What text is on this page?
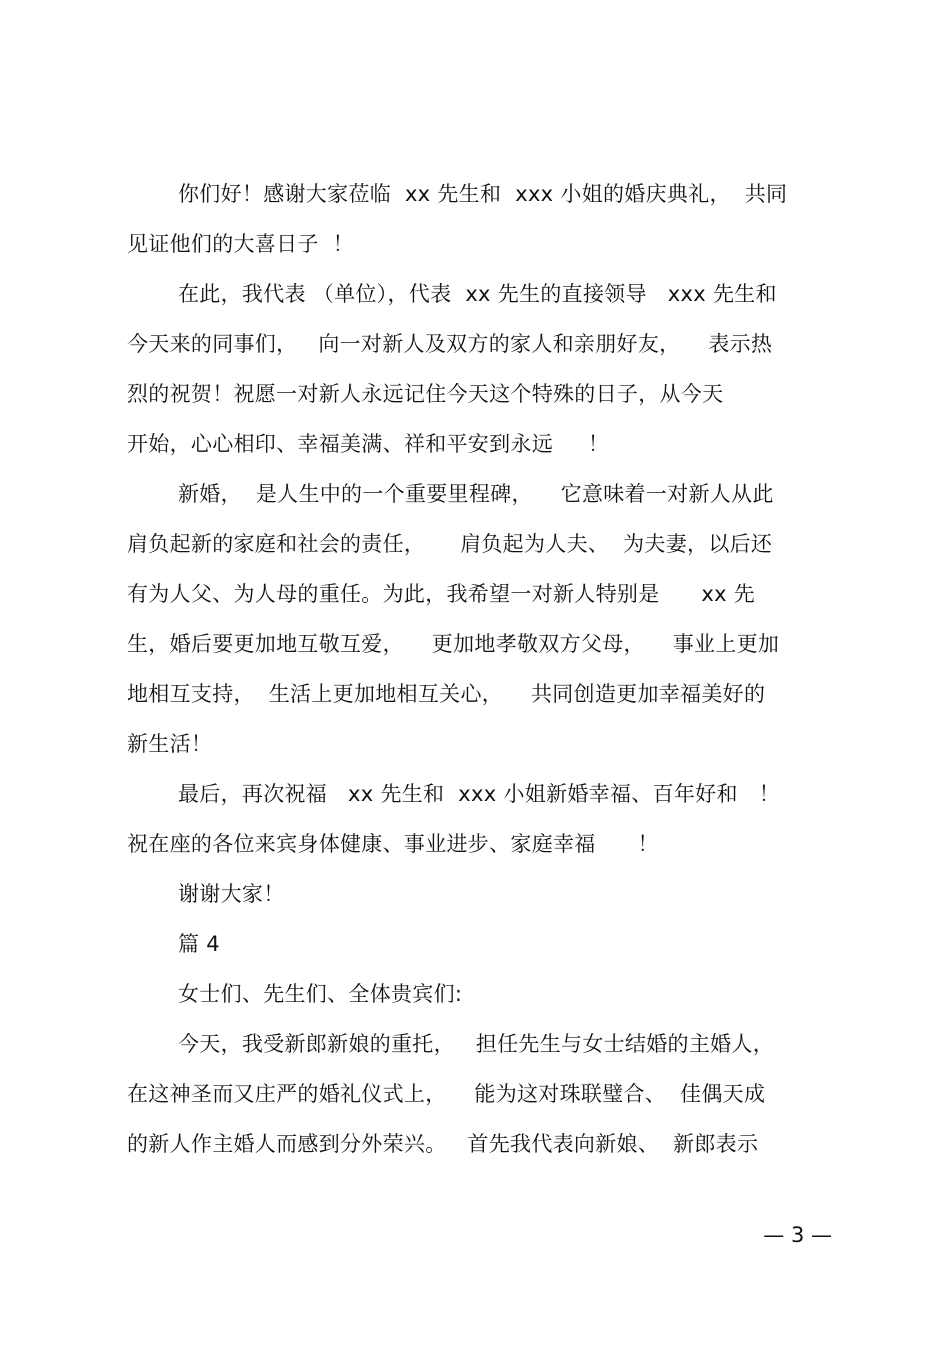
你们好！感谢大家莅临  xx 先生和  xxx 小姐的婚庆典礼，  共同
见证他们的大喜日子  ！
在此，我代表 （单位），代表  xx 先生的直接领导   xxx 先生和
今天来的同事们，   向一对新人及双方的家人和亲朋好友，    表示热
烈的祝贺！祝愿一对新人永远记住今天这个特殊的日子，从今天
开始，心心相印、幸福美满、祥和平安到永远     ！
新婚，  是人生中的一个重要里程碑，    它意味着一对新人从此
肩负起新的家庭和社会的责任，     肩负起为人夫、  为夫妻，以后还
有为人父、为人母的重任。为此，我希望一对新人特别是      xx 先
生，婚后要更加地互敬互爱，    更加地孝敬双方父母，    事业上更加
地相互支持，  生活上更加地相互关心，    共同创造更加幸福美好的
新生活！
最后，再次祝福   xx 先生和  xxx 小姐新婚幸福、百年好和   ！
祝在座的各位来宾身体健康、事业进步、家庭幸福      ！
谢谢大家！
篇 4
女士们、先生们、全体贵宾们:
今天，我受新郎新娘的重托，   担任先生与女士结婚的主婚人，
在这神圣而又庄严的婚礼仪式上，    能为这对珠联璧合、  佳偶天成
的新人作主婚人而感到分外荣兴。   首先我代表向新娘、  新郎表示
— 3 —
